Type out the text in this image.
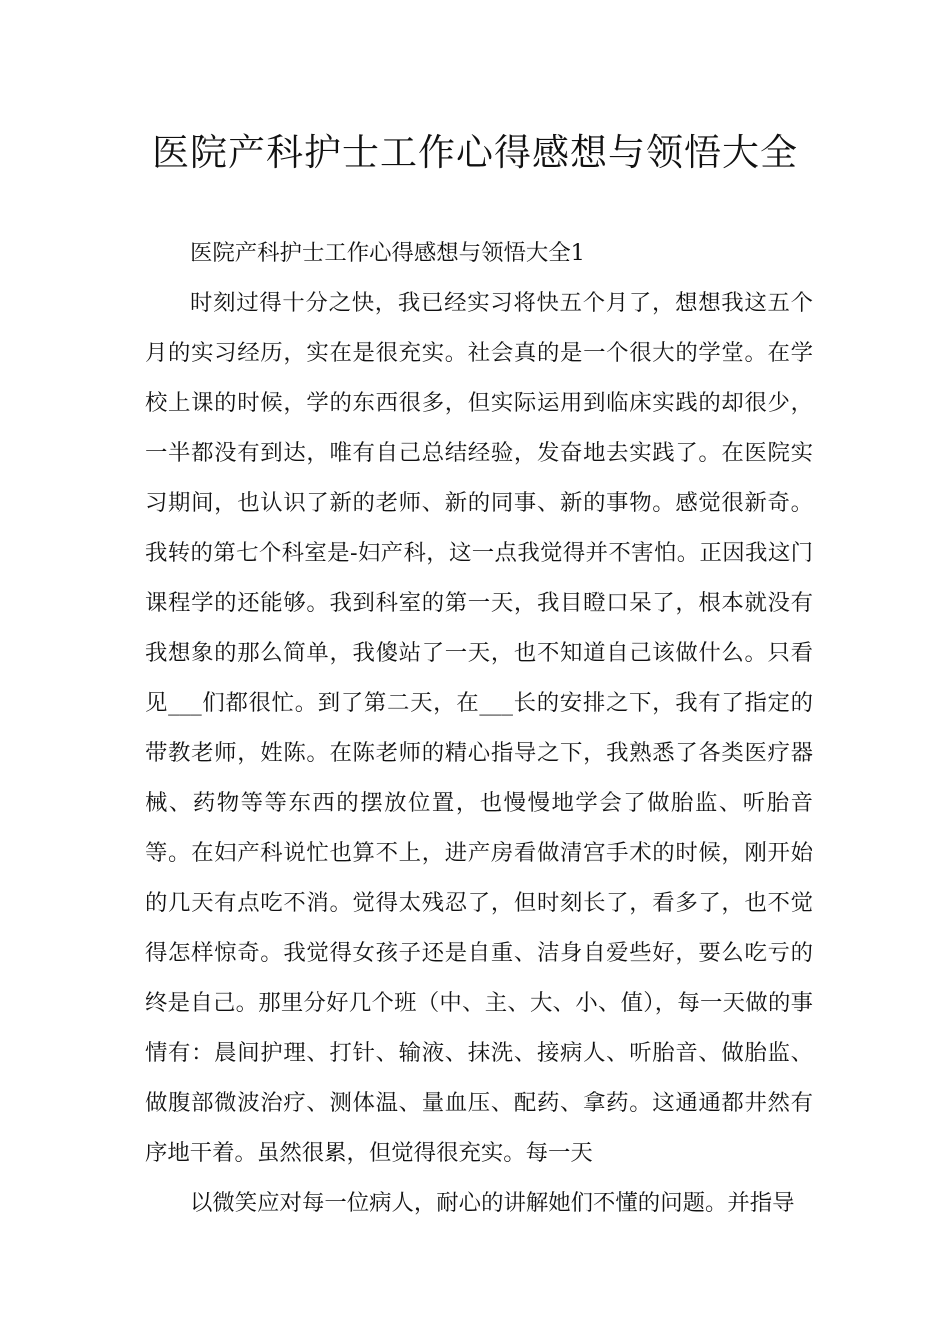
医院产科护士工作心得感想与领悟大全

医院产科护士工作心得感想与领悟大全1

时刻过得十分之快，我已经实习将快五个月了，想想我这五个月的实习经历，实在是很充实。社会真的是一个很大的学堂。在学校上课的时候，学的东西很多，但实际运用到临床实践的却很少，一半都没有到达，唯有自己总结经验，发奋地去实践了。在医院实习期间，也认识了新的老师、新的同事、新的事物。感觉很新奇。我转的第七个科室是-妇产科，这一点我觉得并不害怕。正因我这门课程学的还能够。我到科室的第一天，我目瞪口呆了，根本就没有我想象的那么简单，我傻站了一天，也不知道自己该做什么。只看见___们都很忙。到了第二天，在___长的安排之下，我有了指定的带教老师，姓陈。在陈老师的精心指导之下，我熟悉了各类医疗器械、药物等等东西的摆放位置，也慢慢地学会了做胎监、听胎音等。在妇产科说忙也算不上，进产房看做清宫手术的时候，刚开始的几天有点吃不消。觉得太残忍了，但时刻长了，看多了，也不觉得怎样惊奇。我觉得女孩子还是自重、洁身自爱些好，要么吃亏的终是自己。那里分好几个班（中、主、大、小、值），每一天做的事情有：晨间护理、打针、输液、抹洗、接病人、听胎音、做胎监、做腹部微波治疗、测体温、量血压、配药、拿药。这通通都井然有序地干着。虽然很累，但觉得很充实。每一天

以微笑应对每一位病人，耐心的讲解她们不懂的问题。并指导
